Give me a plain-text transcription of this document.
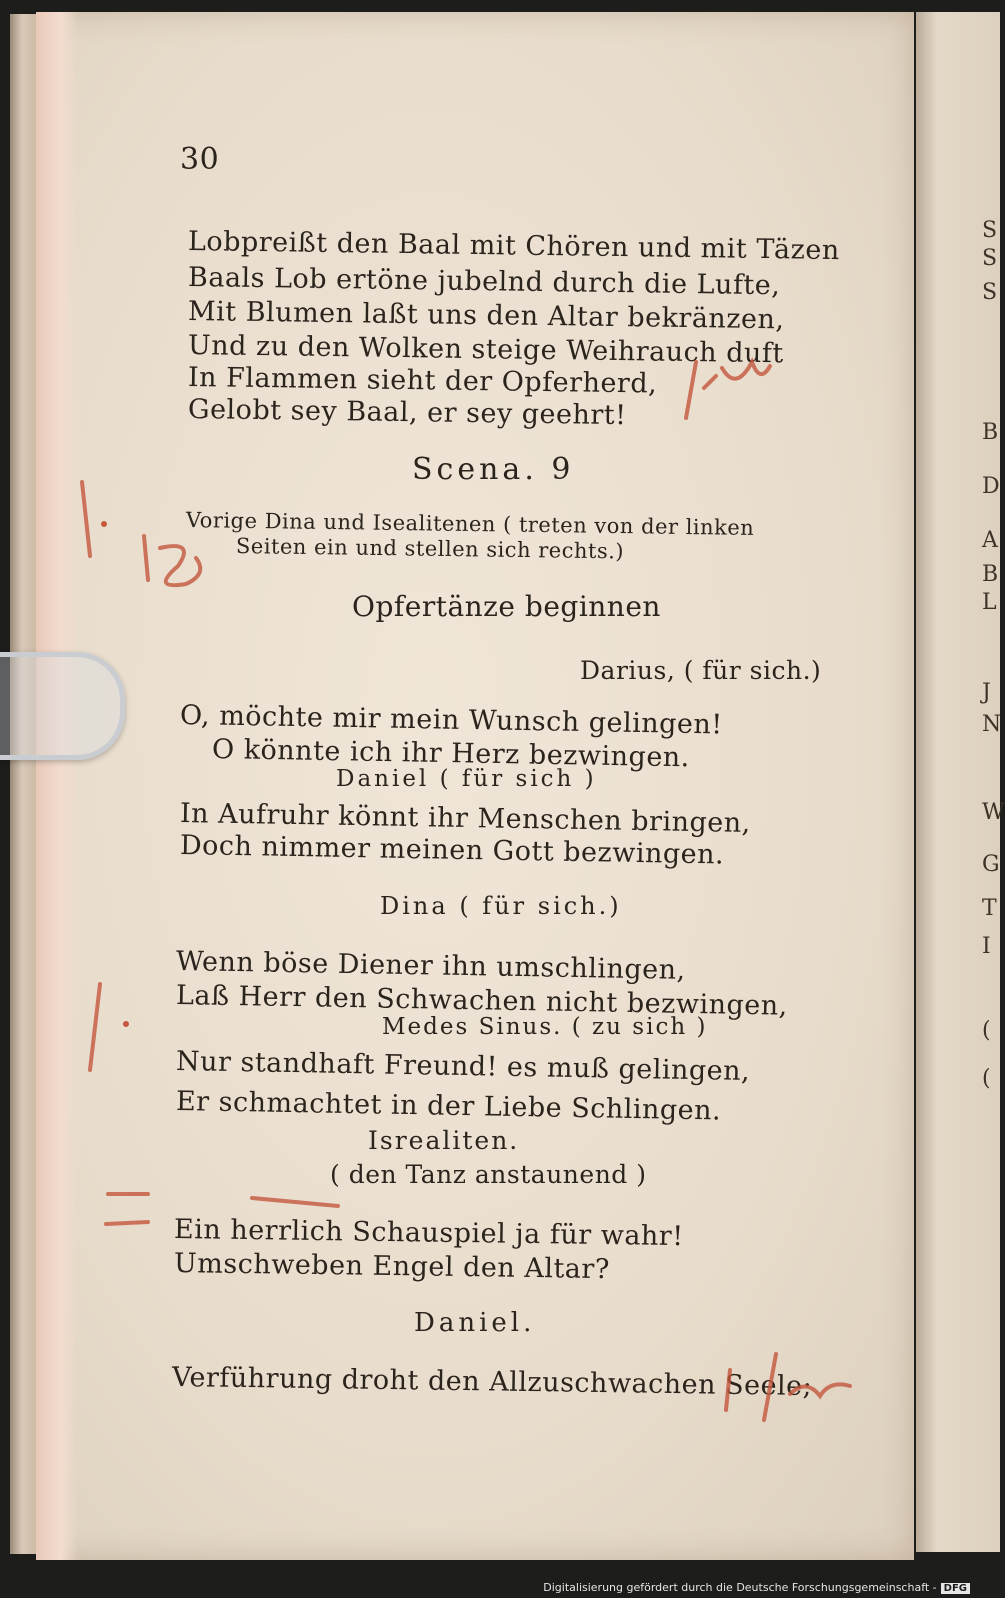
30
Lobpreißt den Baal mit Chören und mit Täzen
Baals Lob ertöne jubelnd durch die Lufte,
Mit Blumen laßt uns den Altar bekränzen,
Und zu den Wolken steige Weihrauch duft
In Flammen sieht der Opferherd,
Gelobt sey Baal, er sey geehrt!
Scena. 9
Vorige Dina und Isealitenen ( treten von der linken
Seiten ein und stellen sich rechts.)
Opfertänze beginnen
Darius, ( für sich.)
O, möchte mir mein Wunsch gelingen!
O könnte ich ihr Herz bezwingen.
Daniel ( für sich )
In Aufruhr könnt ihr Menschen bringen,
Doch nimmer meinen Gott bezwingen.
Dina ( für sich.)
Wenn böse Diener ihn umschlingen,
Laß Herr den Schwachen nicht bezwingen,
Medes Sinus. ( zu sich )
Nur standhaft Freund! es muß gelingen,
Er schmachtet in der Liebe Schlingen.
Isrealiten.
( den Tanz anstaunend )
Ein herrlich Schauspiel ja für wahr!
Umschweben Engel den Altar?
Daniel.
Verführung droht den Allzuschwachen Seele;
S
S
S
B
D
A
B
L
J
N
W
G
T
I
(
(
Digitalisierung gefördert durch die Deutsche Forschungsgemeinschaft - DFG
